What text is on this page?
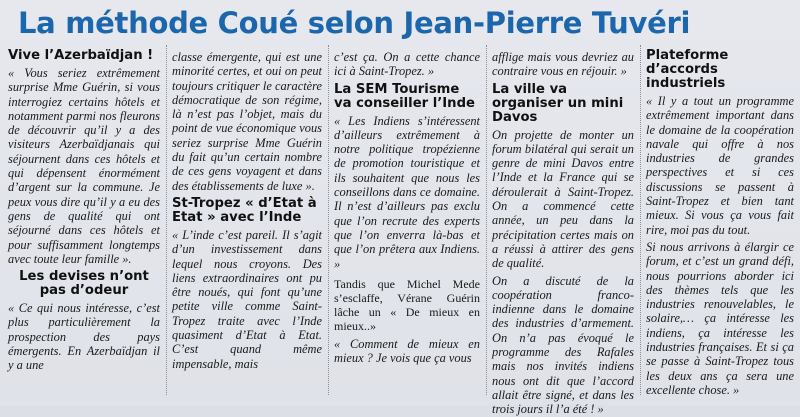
La méthode Coué selon Jean-Pierre Tuvéri
Vive l’Azerbaïdjan !

« Vous seriez extrêmement surprise Mme Guérin, si vous interrogiez certains hôtels et notamment parmi nos fleurons de découvrir qu’il y a des visiteurs Azerbaïdjanais qui séjournent dans ces hôtels et qui dépensent énormément d’argent sur la commune. Je peux vous dire qu’il y a eu des gens de qualité qui ont séjourné dans ces hôtels et pour suffisamment longtemps avec toute leur famille ».

Les devises n’ont pas d’odeur

« Ce qui nous intéresse, c’est plus particulièrement la prospection des pays émergents. En Azerbaïdjan il y a une

classe émergente, qui est une minorité certes, et oui on peut toujours critiquer le caractère démocratique de son régime, là n’est pas l’objet, mais du point de vue économique vous seriez surprise Mme Guérin du fait qu’un certain nombre de ces gens voyagent et dans des établissements de luxe ».

St-Tropez « d’Etat à Etat » avec l’Inde

« L’inde c’est pareil. Il s’agit d’un investissement dans lequel nous croyons. Des liens extraordinaires ont pu être noués, qui font qu’une petite ville comme Saint-Tropez traite avec l’Inde quasiment d’Etat à Etat. C’est quand même impensable, mais

c’est ça. On a cette chance ici à Saint-Tropez. »

La SEM Tourisme va conseiller l’Inde

« Les Indiens s’intéressent d’ailleurs extrêmement à notre politique tropézienne de promotion touristique et ils souhaitent que nous les conseillons dans ce domaine. Il n’est d’ailleurs pas exclu que l’on recrute des experts que l’on enverra là-bas et que l’on prêtera aux Indiens. »

Tandis que Michel Mede s’esclaffe, Vérane Guérin lâche un « De mieux en mieux..»

« Comment de mieux en mieux ? Je vois que ça vous

afflige mais vous devriez au contraire vous en réjouir. »

La ville va organiser un mini Davos

On projette de monter un forum bilatéral qui serait un genre de mini Davos entre l’Inde et la France qui se déroulerait à Saint-Tropez. On a commencé cette année, un peu dans la précipitation certes mais on a réussi à attirer des gens de qualité.

On a discuté de la coopération franco-indienne dans le domaine des industries d’armement. On n’a pas évoqué le programme des Rafales mais nos invités indiens nous ont dit que l’accord allait être signé, et dans les trois jours il l’a été ! »

Plateforme d’accords industriels

« Il y a tout un programme extrêmement important dans le domaine de la coopération navale qui offre à nos industries de grandes perspectives et si ces discussions se passent à Saint-Tropez et bien tant mieux. Si vous ça vous fait rire, moi pas du tout.

Si nous arrivons à élargir ce forum, et c’est un grand défi, nous pourrions aborder ici des thèmes tels que les industries renouvelables, le solaire,… ça intéresse les indiens, ça intéresse les industries françaises. Et si ça se passe à Saint-Tropez tous les deux ans ça sera une excellente chose. »
